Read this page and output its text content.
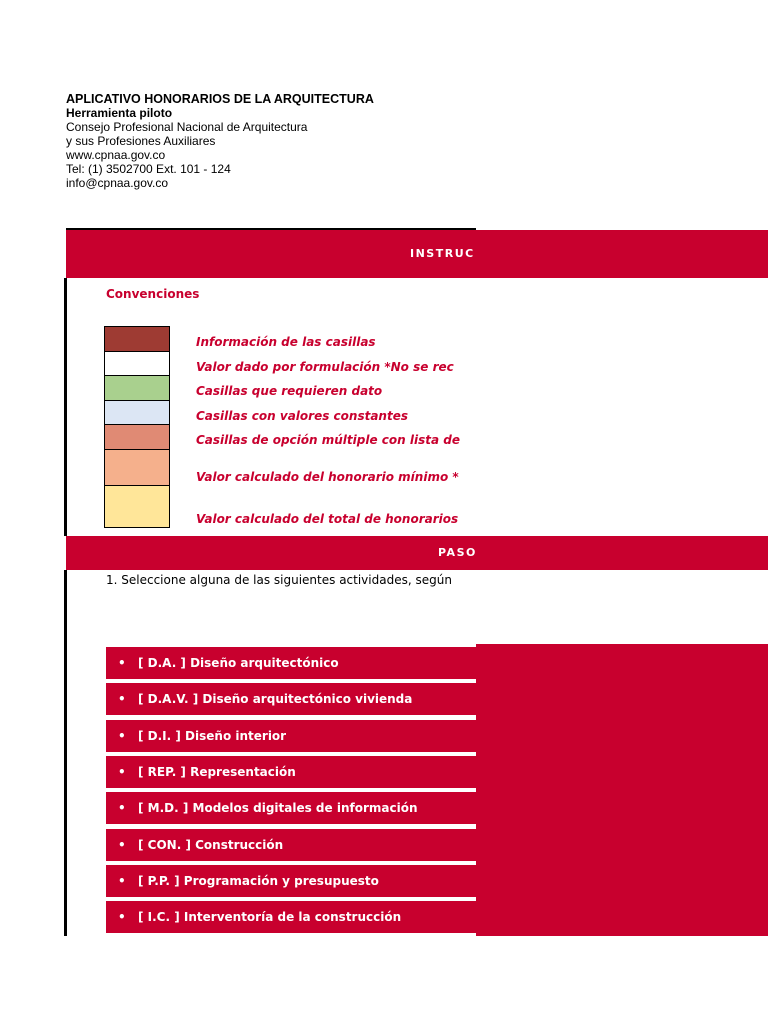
APLICATIVO HONORARIOS DE LA ARQUITECTURA
Herramienta piloto
Consejo Profesional Nacional de Arquitectura
y sus Profesiones Auxiliares
www.cpnaa.gov.co
Tel: (1) 3502700 Ext. 101 - 124
info@cpnaa.gov.co
INSTRUC
Convenciones
Información de las casillas
Valor dado por formulación *No se rec
Casillas que requieren dato
Casillas con valores constantes
Casillas de opción múltiple con lista de
Valor calculado del honorario mínimo *
Valor calculado del total de honorarios
1. Seleccione alguna de las siguientes actividades, según
PASO
• [ D.A. ] Diseño arquitectónico
• [ D.A.V. ] Diseño arquitectónico vivienda
• [ D.I. ] Diseño interior
• [ REP. ] Representación
• [ M.D. ] Modelos digitales de información
• [ CON. ] Construcción
• [ P.P. ] Programación y presupuesto
• [ I.C. ] Interventoría de la construcción
